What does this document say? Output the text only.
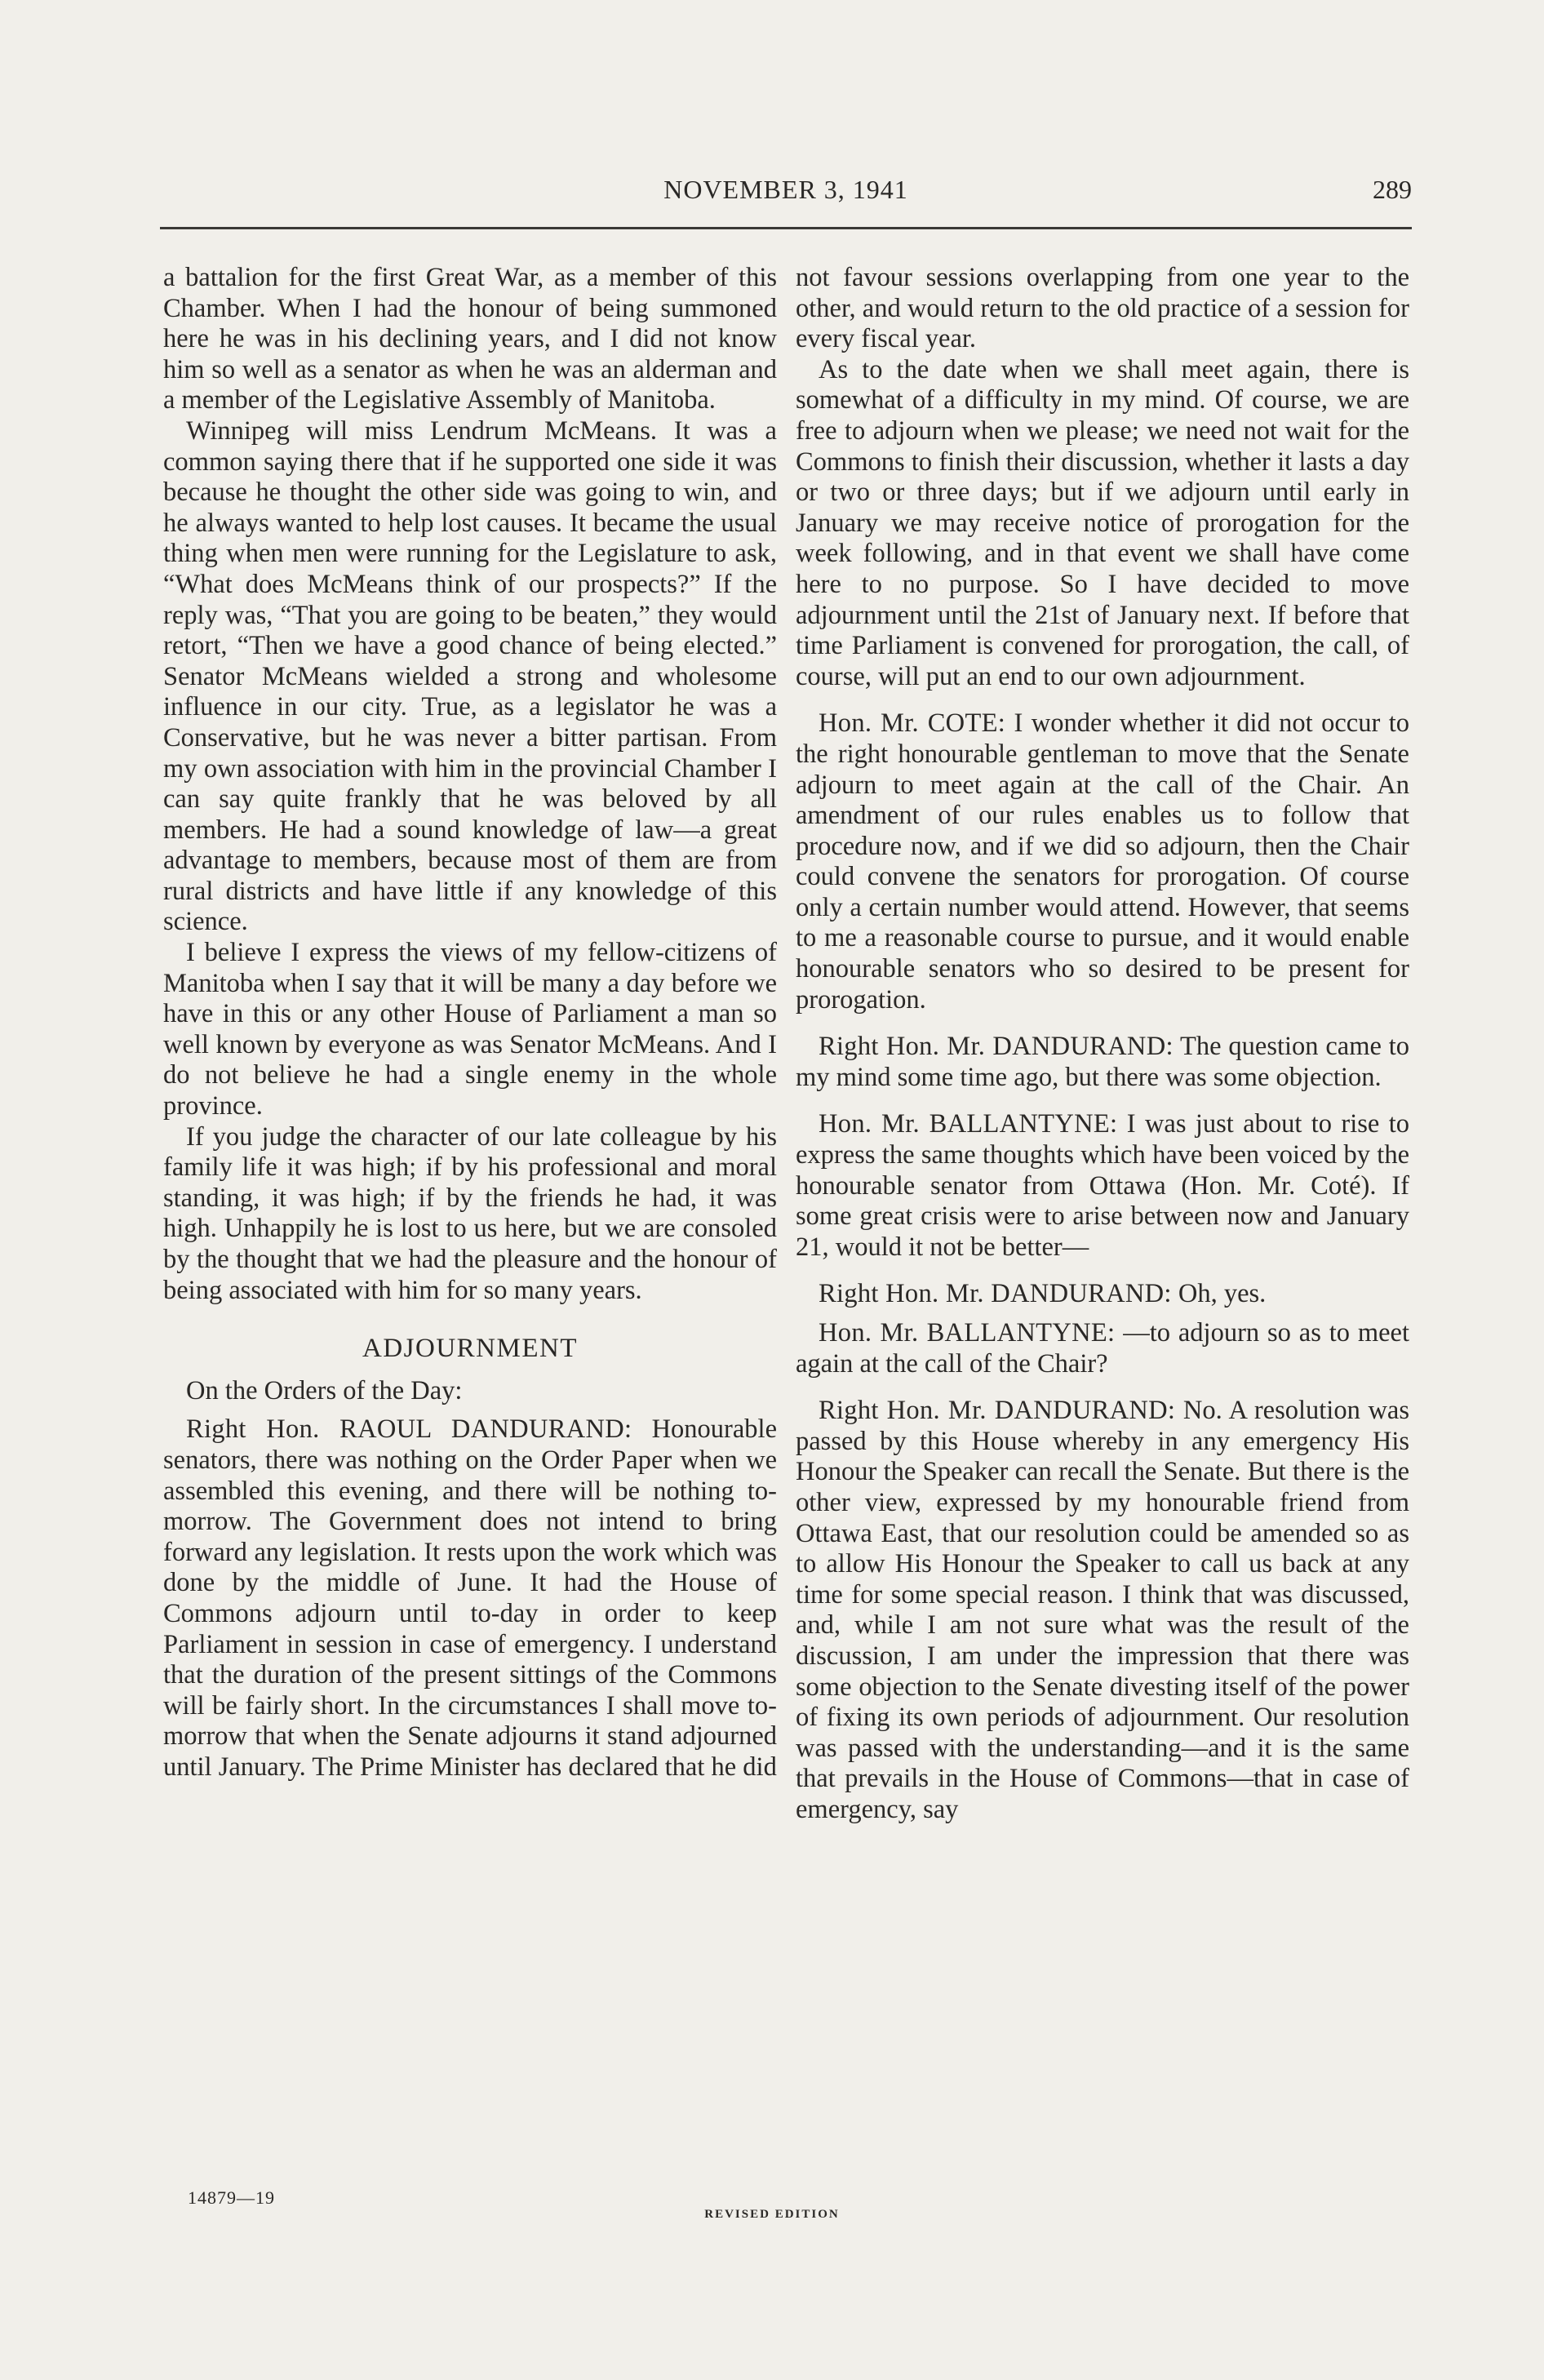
NOVEMBER 3, 1941	289

a battalion for the first Great War, as a member of this Chamber. When I had the honour of being summoned here he was in his declining years, and I did not know him so well as a senator as when he was an alderman and a member of the Legislative Assembly of Manitoba.

Winnipeg will miss Lendrum McMeans. It was a common saying there that if he supported one side it was because he thought the other side was going to win, and he always wanted to help lost causes. It became the usual thing when men were running for the Legislature to ask, “What does McMeans think of our prospects?” If the reply was, “That you are going to be beaten,” they would retort, “Then we have a good chance of being elected.” Senator McMeans wielded a strong and wholesome influence in our city. True, as a legislator he was a Conservative, but he was never a bitter partisan. From my own association with him in the provincial Chamber I can say quite frankly that he was beloved by all members. He had a sound knowledge of law—a great advantage to members, because most of them are from rural districts and have little if any knowledge of this science.

I believe I express the views of my fellow-citizens of Manitoba when I say that it will be many a day before we have in this or any other House of Parliament a man so well known by everyone as was Senator McMeans. And I do not believe he had a single enemy in the whole province.

If you judge the character of our late colleague by his family life it was high; if by his professional and moral standing, it was high; if by the friends he had, it was high. Unhappily he is lost to us here, but we are consoled by the thought that we had the pleasure and the honour of being associated with him for so many years.

ADJOURNMENT

On the Orders of the Day:

Right Hon. RAOUL DANDURAND: Honourable senators, there was nothing on the Order Paper when we assembled this evening, and there will be nothing to-morrow. The Government does not intend to bring forward any legislation. It rests upon the work which was done by the middle of June. It had the House of Commons adjourn until to-day in order to keep Parliament in session in case of emergency. I understand that the duration of the present sittings of the Commons will be fairly short. In the circumstances I shall move to-morrow that when the Senate adjourns it stand adjourned until January. The Prime Minister has declared that he did

not favour sessions overlapping from one year to the other, and would return to the old practice of a session for every fiscal year.

As to the date when we shall meet again, there is somewhat of a difficulty in my mind. Of course, we are free to adjourn when we please; we need not wait for the Commons to finish their discussion, whether it lasts a day or two or three days; but if we adjourn until early in January we may receive notice of prorogation for the week following, and in that event we shall have come here to no purpose. So I have decided to move adjournment until the 21st of January next. If before that time Parliament is convened for prorogation, the call, of course, will put an end to our own adjournment.

Hon. Mr. COTE: I wonder whether it did not occur to the right honourable gentleman to move that the Senate adjourn to meet again at the call of the Chair. An amendment of our rules enables us to follow that procedure now, and if we did so adjourn, then the Chair could convene the senators for prorogation. Of course only a certain number would attend. However, that seems to me a reasonable course to pursue, and it would enable honourable senators who so desired to be present for prorogation.

Right Hon. Mr. DANDURAND: The question came to my mind some time ago, but there was some objection.

Hon. Mr. BALLANTYNE: I was just about to rise to express the same thoughts which have been voiced by the honourable senator from Ottawa (Hon. Mr. Coté). If some great crisis were to arise between now and January 21, would it not be better—

Right Hon. Mr. DANDURAND: Oh, yes.

Hon. Mr. BALLANTYNE: —to adjourn so as to meet again at the call of the Chair?

Right Hon. Mr. DANDURAND: No. A resolution was passed by this House whereby in any emergency His Honour the Speaker can recall the Senate. But there is the other view, expressed by my honourable friend from Ottawa East, that our resolution could be amended so as to allow His Honour the Speaker to call us back at any time for some special reason. I think that was discussed, and, while I am not sure what was the result of the discussion, I am under the impression that there was some objection to the Senate divesting itself of the power of fixing its own periods of adjournment. Our resolution was passed with the understanding—and it is the same that prevails in the House of Commons—that in case of emergency, say

14879—19
REVISED EDITION
